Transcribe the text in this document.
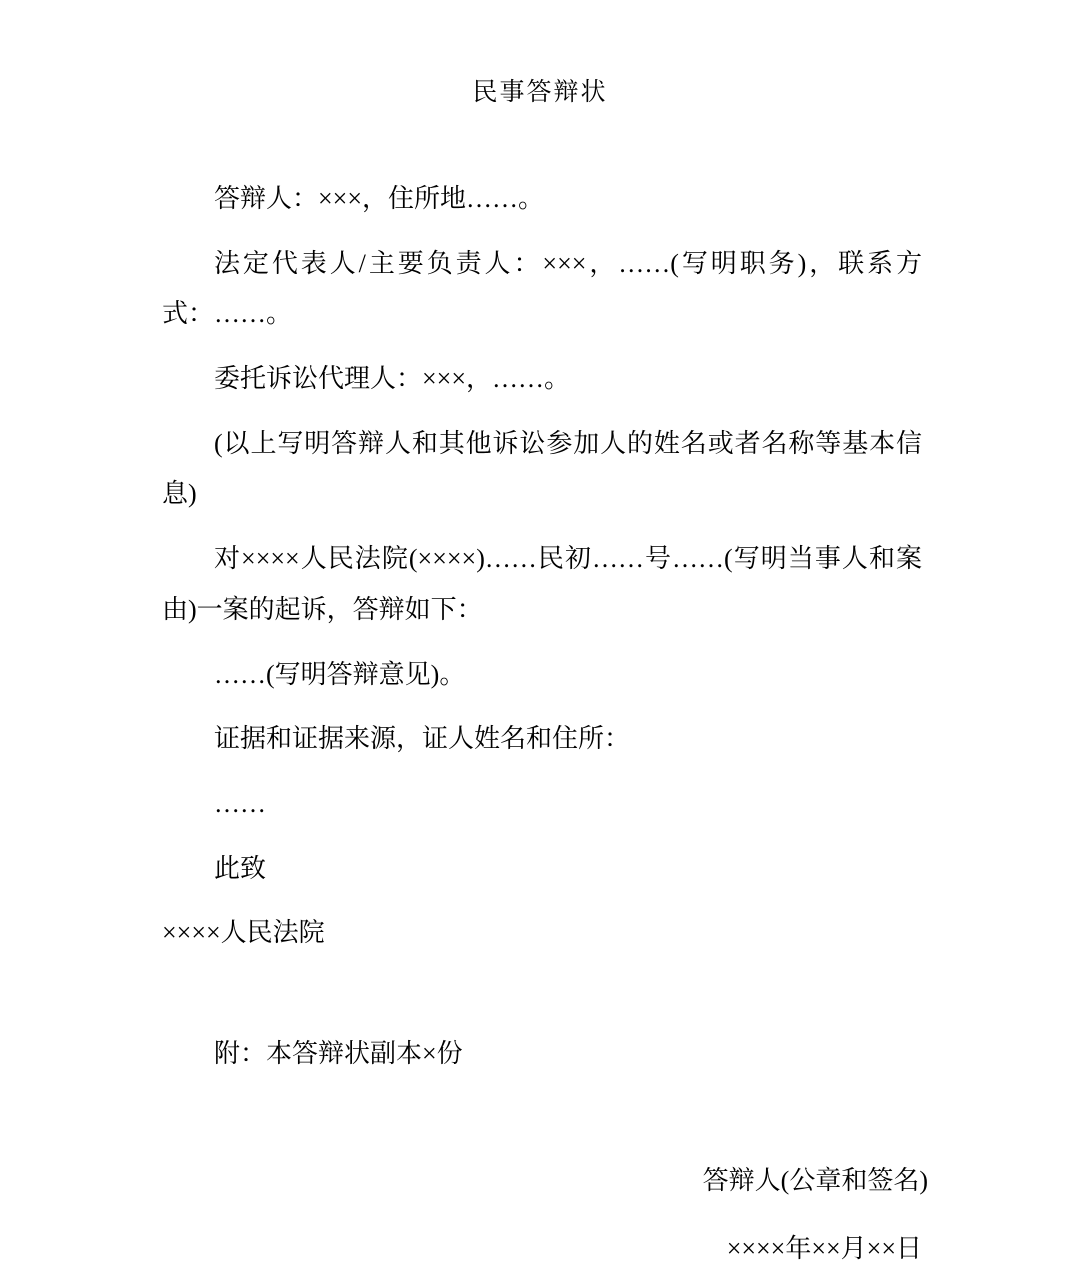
民事答辩状

答辩人：×××，住所地……。

法定代表人/主要负责人：×××，……(写明职务)，联系方式：……。

委托诉讼代理人：×××，……。

(以上写明答辩人和其他诉讼参加人的姓名或者名称等基本信息)

对××××人民法院(××××)……民初……号……(写明当事人和案由)一案的起诉，答辩如下：

……(写明答辩意见)。

证据和证据来源，证人姓名和住所：

……

此致

××××人民法院

附：本答辩状副本×份

答辩人(公章和签名)

××××年××月××日
